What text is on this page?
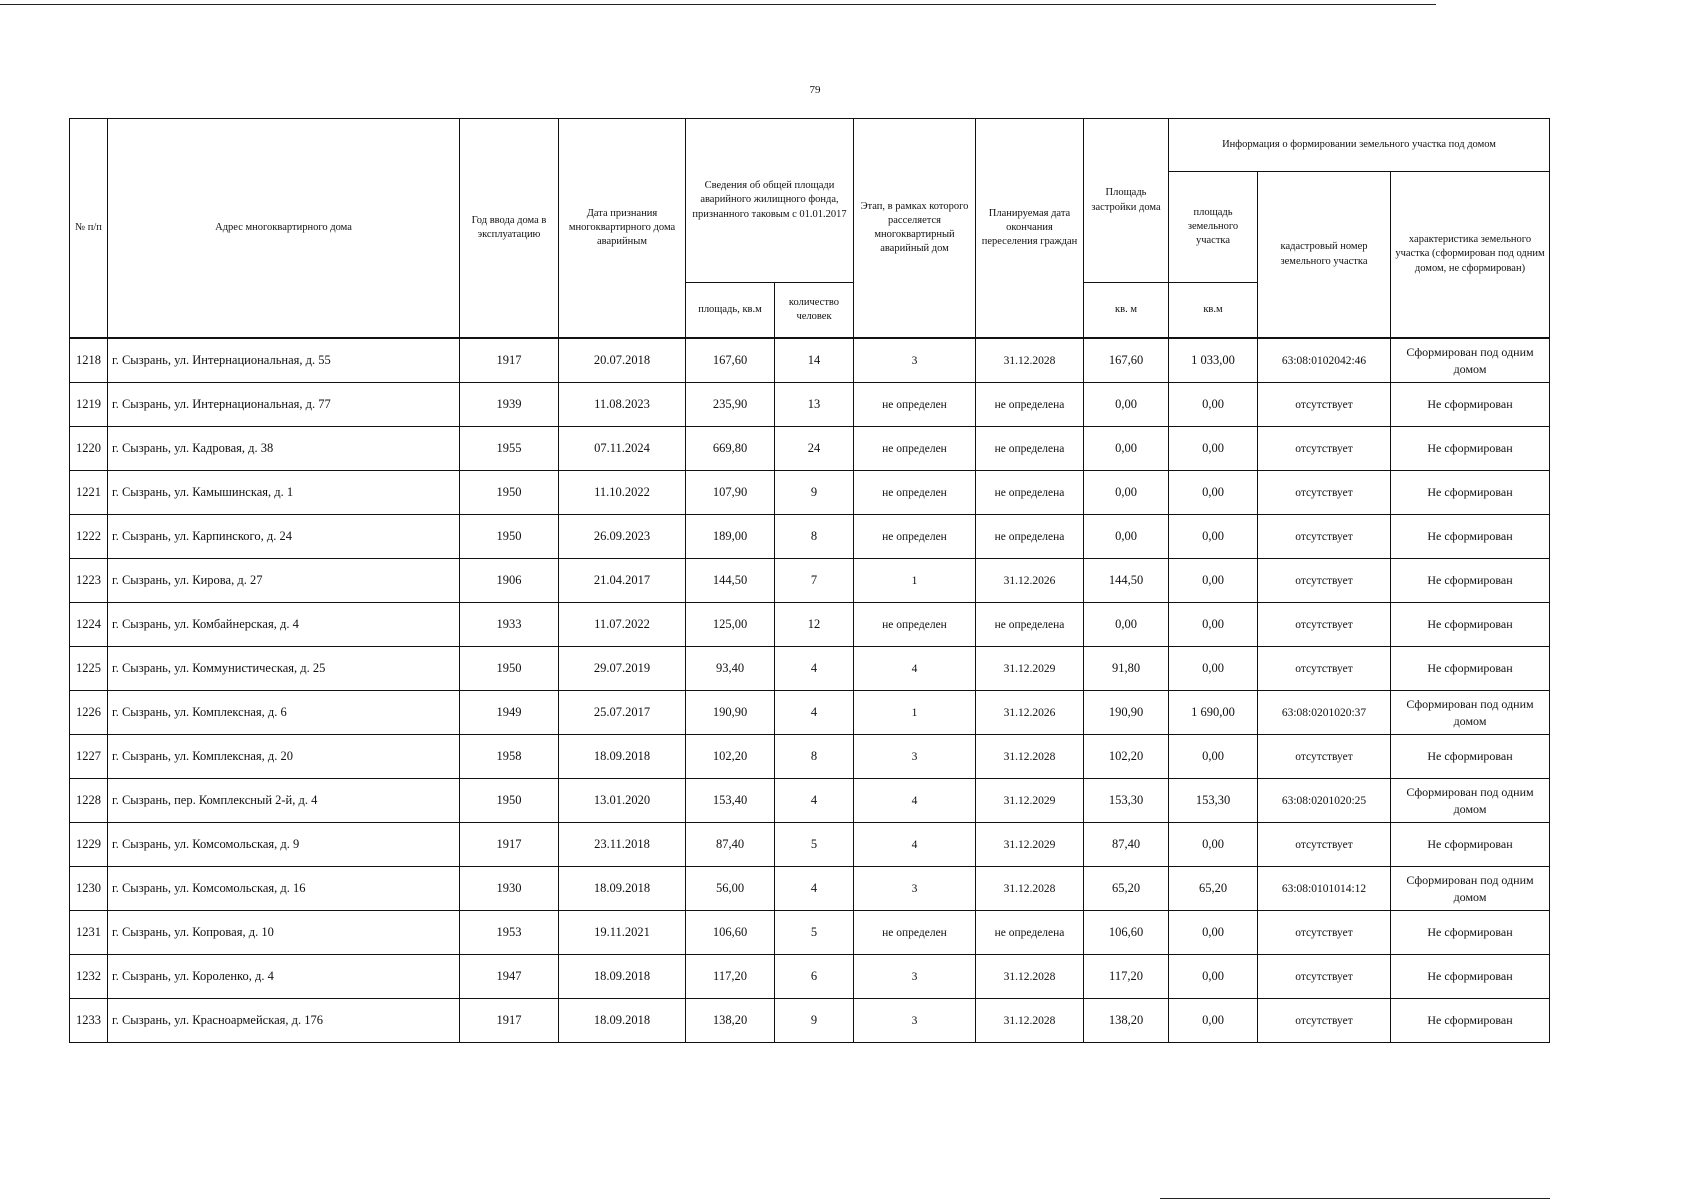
79
№ п/п	Адрес многоквартирного дома	Год ввода дома в эксплуатацию	Дата признания многоквартирного дома аварийным	Сведения об общей площади аварийного жилищного фонда, признанного таковым с 01.01.2017		Этап, в рамках которого расселяется многоквартирный аварийный дом	Планируемая дата окончания переселения граждан	Площадь застройки дома	Информация о формировании земельного участка под домом		
									площадь земельного участка	кадастровый номер земельного участка	характеристика земельного участка (сформирован под одним домом, не сформирован)
				площадь, кв.м	количество человек			кв. м	кв.м		
1218	г. Сызрань, ул. Интернациональная, д. 55	1917	20.07.2018	167,60	14	3	31.12.2028	167,60	1 033,00	63:08:0102042:46	Сформирован под одним домом
1219	г. Сызрань, ул. Интернациональная, д. 77	1939	11.08.2023	235,90	13	не определен	не определена	0,00	0,00	отсутствует	Не сформирован
1220	г. Сызрань, ул. Кадровая, д. 38	1955	07.11.2024	669,80	24	не определен	не определена	0,00	0,00	отсутствует	Не сформирован
1221	г. Сызрань, ул. Камышинская, д. 1	1950	11.10.2022	107,90	9	не определен	не определена	0,00	0,00	отсутствует	Не сформирован
1222	г. Сызрань, ул. Карпинского, д. 24	1950	26.09.2023	189,00	8	не определен	не определена	0,00	0,00	отсутствует	Не сформирован
1223	г. Сызрань, ул. Кирова, д. 27	1906	21.04.2017	144,50	7	1	31.12.2026	144,50	0,00	отсутствует	Не сформирован
1224	г. Сызрань, ул. Комбайнерская, д. 4	1933	11.07.2022	125,00	12	не определен	не определена	0,00	0,00	отсутствует	Не сформирован
1225	г. Сызрань, ул. Коммунистическая, д. 25	1950	29.07.2019	93,40	4	4	31.12.2029	91,80	0,00	отсутствует	Не сформирован
1226	г. Сызрань, ул. Комплексная, д. 6	1949	25.07.2017	190,90	4	1	31.12.2026	190,90	1 690,00	63:08:0201020:37	Сформирован под одним домом
1227	г. Сызрань, ул. Комплексная, д. 20	1958	18.09.2018	102,20	8	3	31.12.2028	102,20	0,00	отсутствует	Не сформирован
1228	г. Сызрань, пер. Комплексный 2-й, д. 4	1950	13.01.2020	153,40	4	4	31.12.2029	153,30	153,30	63:08:0201020:25	Сформирован под одним домом
1229	г. Сызрань, ул. Комсомольская, д. 9	1917	23.11.2018	87,40	5	4	31.12.2029	87,40	0,00	отсутствует	Не сформирован
1230	г. Сызрань, ул. Комсомольская, д. 16	1930	18.09.2018	56,00	4	3	31.12.2028	65,20	65,20	63:08:0101014:12	Сформирован под одним домом
1231	г. Сызрань, ул. Копровая, д. 10	1953	19.11.2021	106,60	5	не определен	не определена	106,60	0,00	отсутствует	Не сформирован
1232	г. Сызрань, ул. Короленко, д. 4	1947	18.09.2018	117,20	6	3	31.12.2028	117,20	0,00	отсутствует	Не сформирован
1233	г. Сызрань, ул. Красноармейская, д. 176	1917	18.09.2018	138,20	9	3	31.12.2028	138,20	0,00	отсутствует	Не сформирован
